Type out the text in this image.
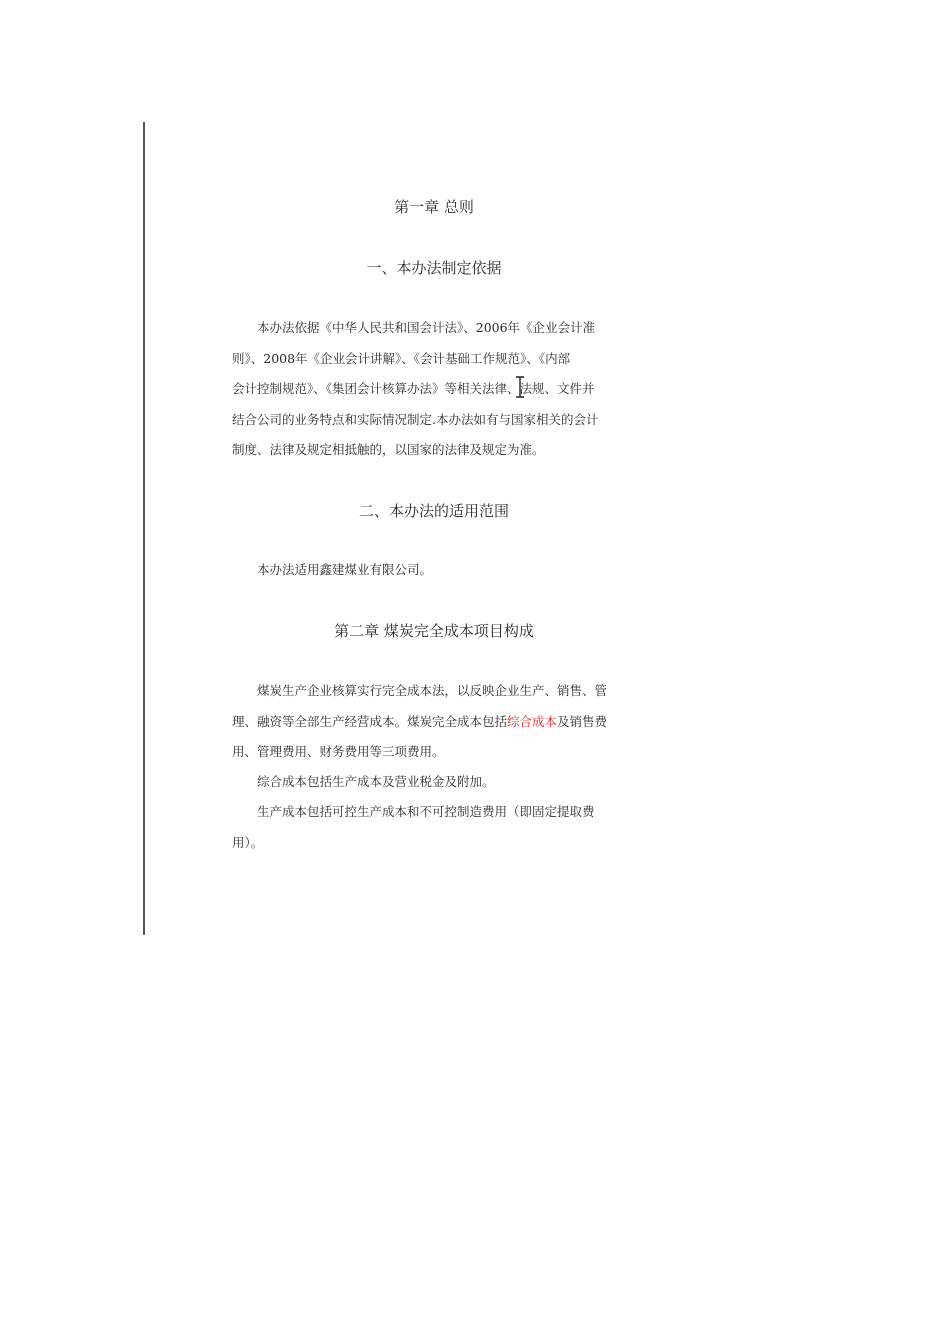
第一章 总则
一、本办法制定依据
本办法依据《中华人民共和国会计法》、2006年《企业会计准
则》、2008年《企业会计讲解》、《会计基础工作规范》、《内部
会计控制规范》、《集团会计核算办法》等相关法律、法规、文件并
结合公司的业务特点和实际情况制定.本办法如有与国家相关的会计
制度、法律及规定相抵触的，以国家的法律及规定为准。
二、本办法的适用范围
本办法适用鑫建煤业有限公司。
第二章 煤炭完全成本项目构成
煤炭生产企业核算实行完全成本法，以反映企业生产、销售、管
理、融资等全部生产经营成本。煤炭完全成本包括综合成本及销售费
用、管理费用、财务费用等三项费用。
综合成本包括生产成本及营业税金及附加。
生产成本包括可控生产成本和不可控制造费用（即固定提取费
用）。
